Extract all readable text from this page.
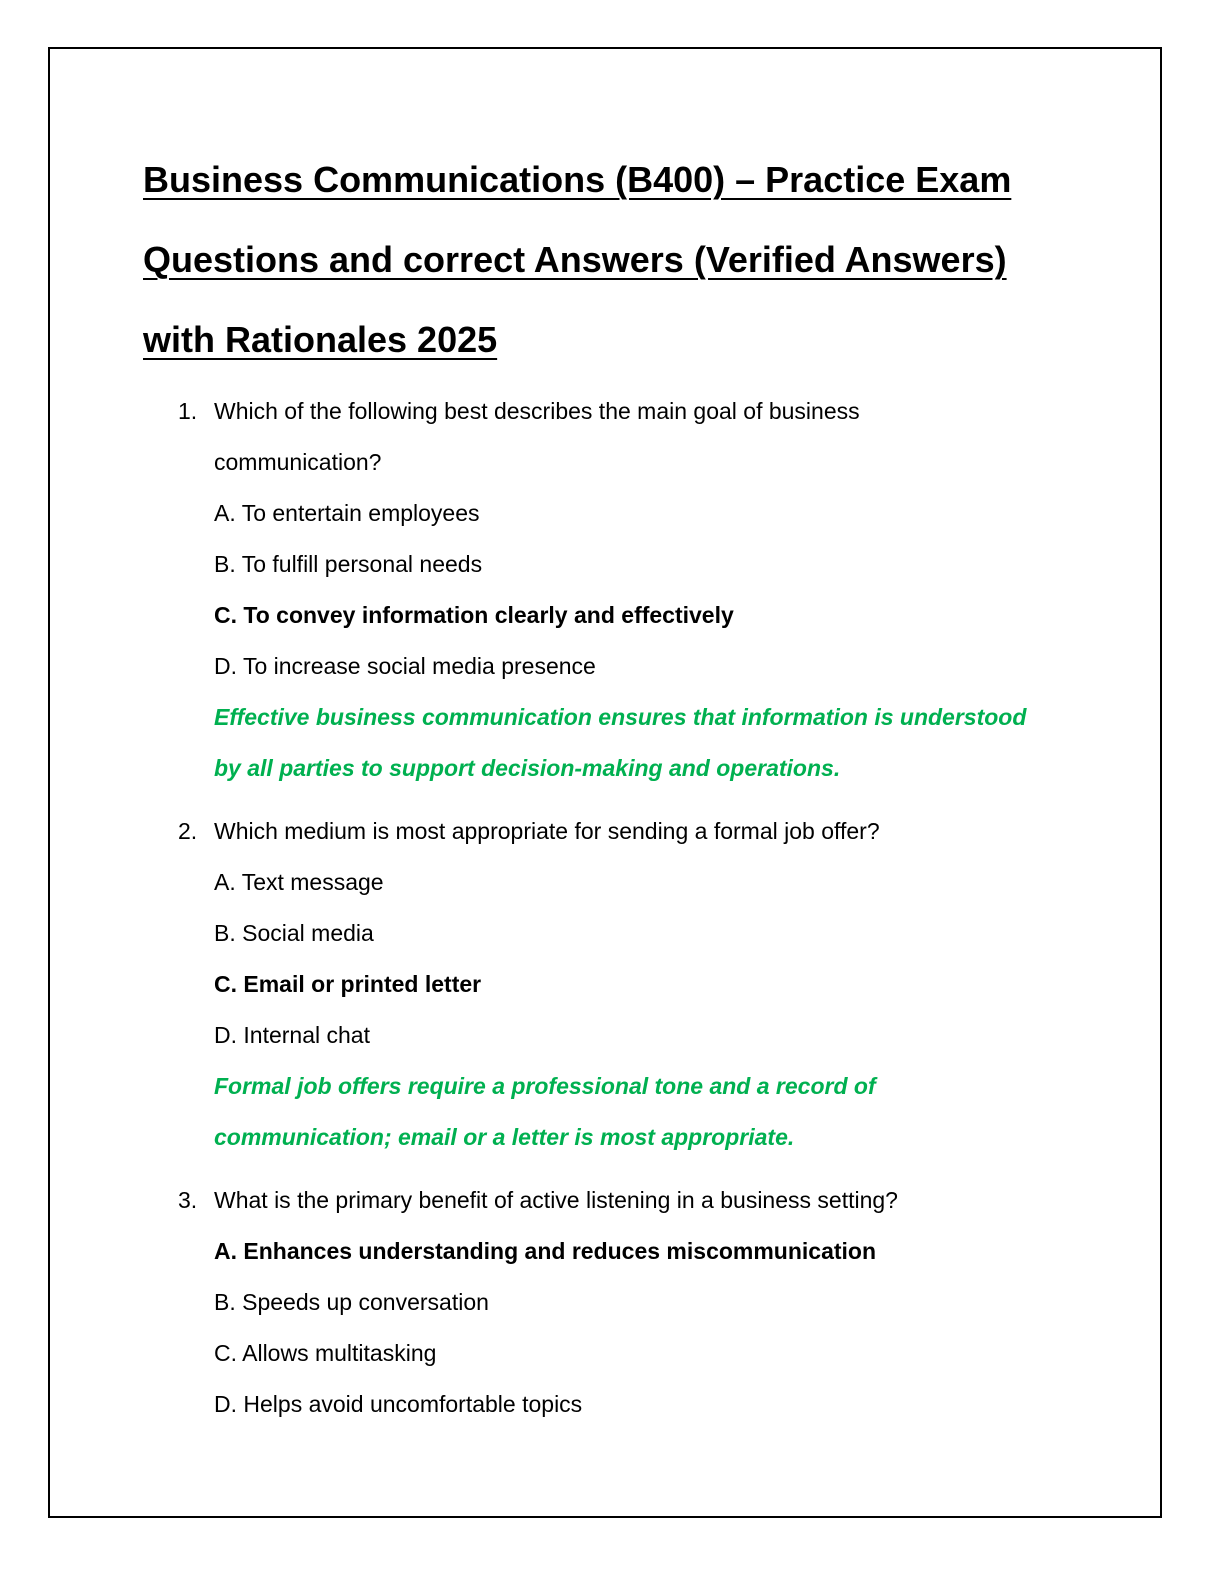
Business Communications (B400) – Practice Exam
Questions and correct Answers (Verified Answers)
with Rationales 2025
1. Which of the following best describes the main goal of business communication?
A. To entertain employees
B. To fulfill personal needs
C. To convey information clearly and effectively
D. To increase social media presence
Effective business communication ensures that information is understood
by all parties to support decision-making and operations.
2. Which medium is most appropriate for sending a formal job offer?
A. Text message
B. Social media
C. Email or printed letter
D. Internal chat
Formal job offers require a professional tone and a record of
communication; email or a letter is most appropriate.
3. What is the primary benefit of active listening in a business setting?
A. Enhances understanding and reduces miscommunication
B. Speeds up conversation
C. Allows multitasking
D. Helps avoid uncomfortable topics
